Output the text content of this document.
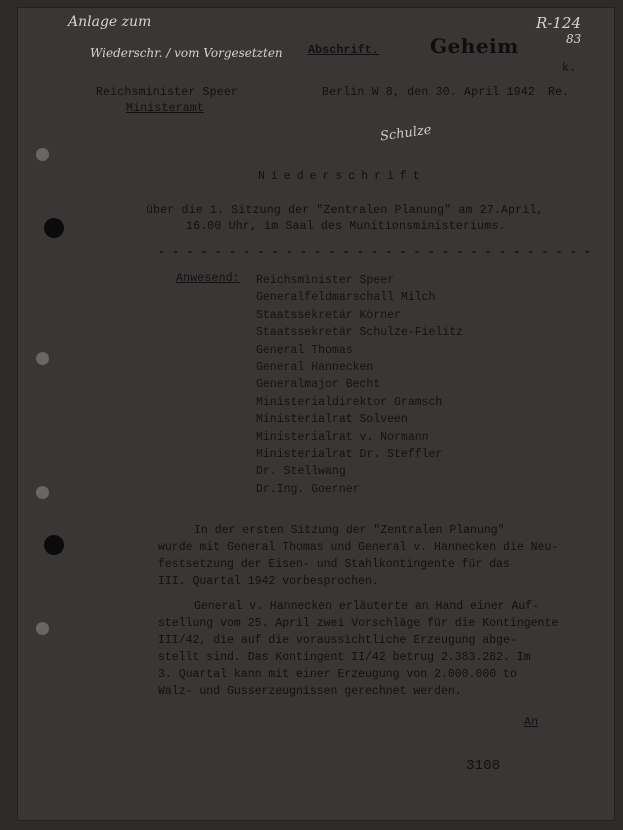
Anlage zum
Wiederschr. / vom Vorgesetzten
R-124
83
Schulze
Abschrift.	Geheim
k.
Reichsminister Speer
Ministeramt
Berlin W 8, den 30. April 1942 Re.
Niederschrift
über die 1. Sitzung der "Zentralen Planung" am 27.April,
16.00 Uhr, im Saal des Munitionsministeriums.
- - - - - - - - - - - - - - - - - - - - - - - - - - - - - - -
Anwesend: Reichsminister Speer
Generalfeldmarschall Milch
Staatssekretär Körner
Staatssekretär Schulze-Fielitz
General Thomas
General Hannecken
Generalmajor Becht
Ministerialdirektor Gramsch
Ministerialrat Solveen
Ministerialrat v. Normann
Ministerialrat Dr. Steffler
Dr. Stellwang
Dr.Ing. Goerner
In der ersten Sitzung der "Zentralen Planung"
wurde mit General Thomas und General v. Hannecken die Neu-
festsetzung der Eisen- und Stahlkontingente für das
III. Quartal 1942 vorbesprochen.
General v. Hannecken erläuterte an Hand einer Auf-
stellung vom 25. April zwei Vorschläge für die Kontingente
III/42, die auf die voraussichtliche Erzeugung abge-
stellt sind. Das Kontingent II/42 betrug 2.383.282. Im
3. Quartal kann mit einer Erzeugung von 2.000.000 to
Walz- und Gusserzeugnissen gerechnet werden.
An
3108
